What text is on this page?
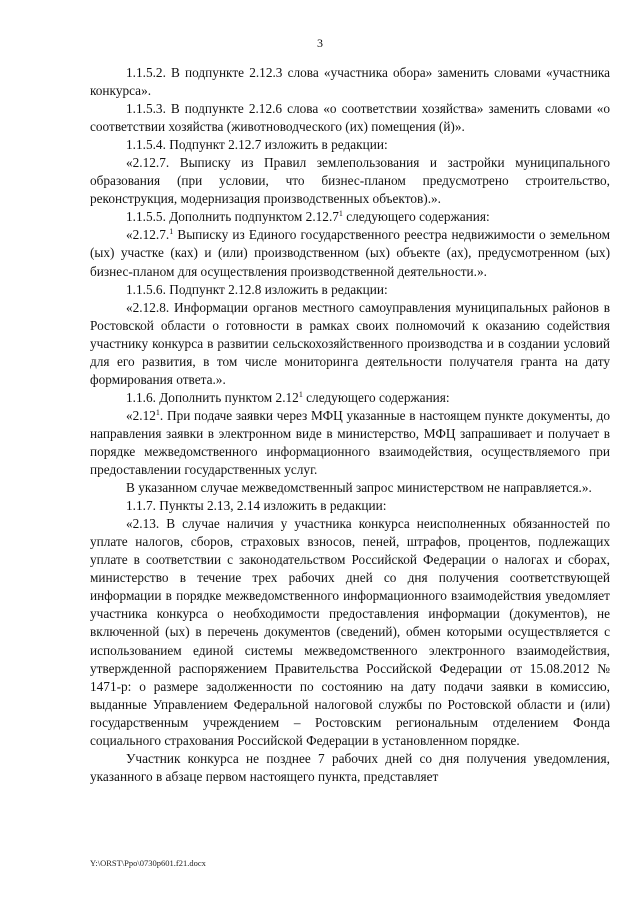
3

1.1.5.2. В подпункте 2.12.3 слова «участника обора» заменить словами «участника конкурса».

1.1.5.3. В подпункте 2.12.6 слова «о соответствии хозяйства» заменить словами «о соответствии хозяйства (животноводческого (их) помещения (й)».

1.1.5.4. Подпункт 2.12.7 изложить в редакции:

«2.12.7. Выписку из Правил землепользования и застройки муниципального образования (при условии, что бизнес-планом предусмотрено строительство, реконструкция, модернизация производственных объектов).».

1.1.5.5. Дополнить подпунктом 2.12.7$^1$ следующего содержания:

«2.12.7.$^1$ Выписку из Единого государственного реестра недвижимости о земельном (ых) участке (ках) и (или) производственном (ых) объекте (ах), предусмотренном (ых) бизнес-планом для осуществления производственной деятельности.».

1.1.5.6. Подпункт 2.12.8 изложить в редакции:

«2.12.8. Информации органов местного самоуправления муниципальных районов в Ростовской области о готовности в рамках своих полномочий к оказанию содействия участнику конкурса в развитии сельскохозяйственного производства и в создании условий для его развития, в том числе мониторинга деятельности получателя гранта на дату формирования ответа.».

1.1.6. Дополнить пунктом 2.12$^1$ следующего содержания:

«2.12$^1$. При подаче заявки через МФЦ указанные в настоящем пункте документы, до направления заявки в электронном виде в министерство, МФЦ запрашивает и получает в порядке межведомственного информационного взаимодействия, осуществляемого при предоставлении государственных услуг.

В указанном случае межведомственный запрос министерством не направляется.».

1.1.7. Пункты 2.13, 2.14 изложить в редакции:

«2.13. В случае наличия у участника конкурса неисполненных обязанностей по уплате налогов, сборов, страховых взносов, пеней, штрафов, процентов, подлежащих уплате в соответствии с законодательством Российской Федерации о налогах и сборах, министерство в течение трех рабочих дней со дня получения соответствующей информации в порядке межведомственного информационного взаимодействия уведомляет участника конкурса о необходимости предоставления информации (документов), не включенной (ых) в перечень документов (сведений), обмен которыми осуществляется с использованием единой системы межведомственного электронного взаимодействия, утвержденной распоряжением Правительства Российской Федерации от 15.08.2012 № 1471-р: о размере задолженности по состоянию на дату подачи заявки в комиссию, выданные Управлением Федеральной налоговой службы по Ростовской области и (или) государственным учреждением – Ростовским региональным отделением Фонда социального страхования Российской Федерации в установленном порядке.

Участник конкурса не позднее 7 рабочих дней со дня получения уведомления, указанного в абзаце первом настоящего пункта, представляет

Y:\ORST\Ppo\0730p601.f21.docx
